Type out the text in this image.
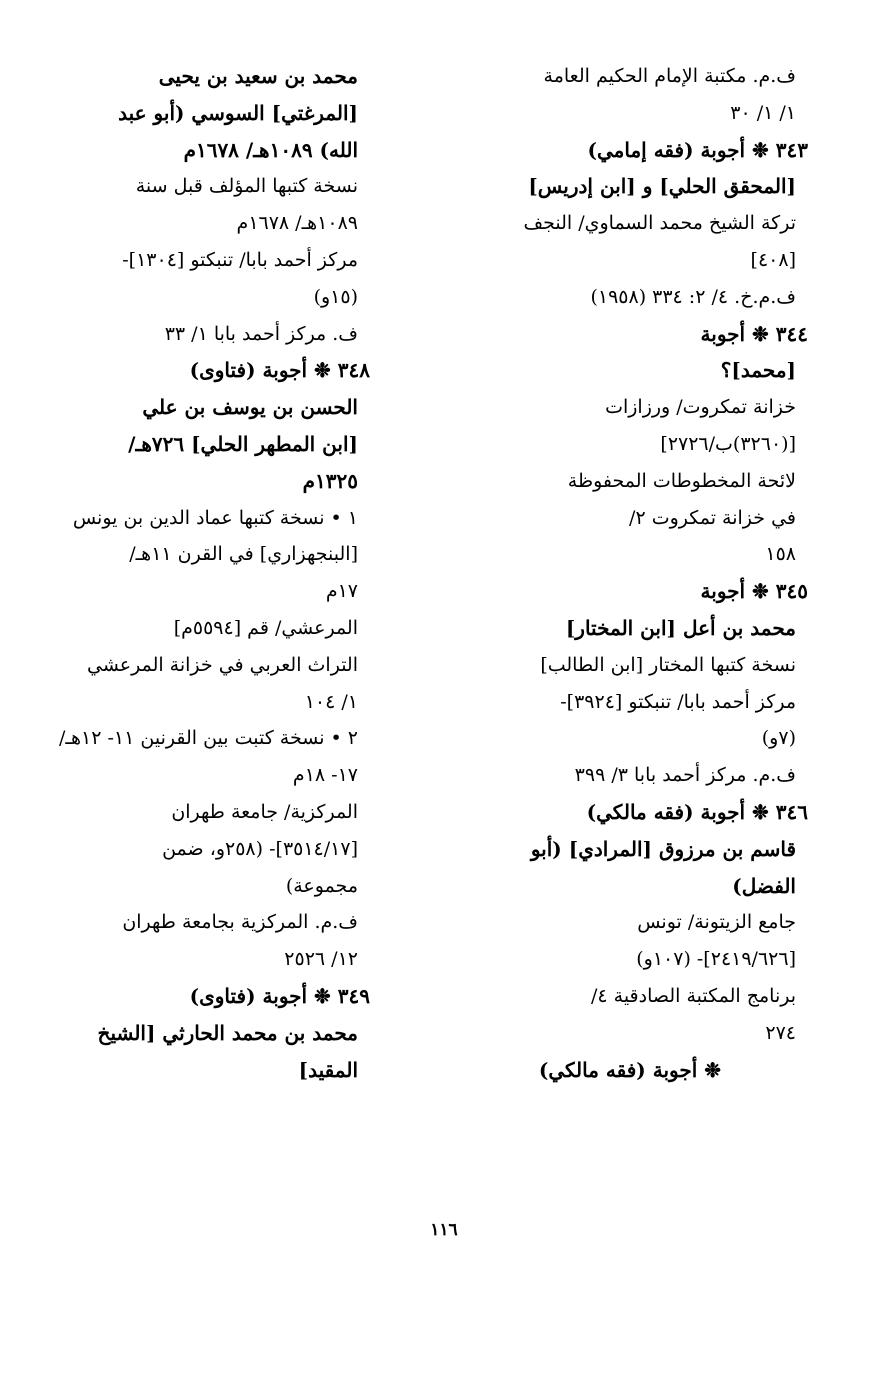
ف.م. مكتبة الإمام الحكيم العامة
١/ ١/ ٣٠
٣٤٣ ❉ أجوبة (فقه إمامي)
[المحقق الحلي] و [ابن إدريس]
تركة الشيخ محمد السماوي/ النجف
[٤٠٨]
ف.م.خ. ٤/ ٢: ٣٣٤ (١٩٥٨)
٣٤٤ ❉ أجوبة
[محمد]؟
خزانة تمكروت/ ورزازات
[(٣٢٦٠)ب/٢٧٢٦]
لائحة المخطوطات المحفوظة
في خزانة تمكروت ٢/
١٥٨
٣٤٥ ❉ أجوبة
محمد بن أعل [ابن المختار]
نسخة كتبها المختار [ابن الطالب]
مركز أحمد بابا/ تنبكتو [٣٩٢٤]-
(٧و)
ف.م. مركز أحمد بابا ٣/ ٣٩٩
٣٤٦ ❉ أجوبة (فقه مالكي)
قاسم بن مرزوق [المرادي] (أبو
الفضل)
جامع الزيتونة/ تونس
[٢٤١٩/٦٢٦]- (١٠٧و)
برنامج المكتبة الصادقية ٤/
٢٧٤
❉ أجوبة (فقه مالكي)
محمد بن سعيد بن يحيى
[المرغتي] السوسي (أبو عبد
الله) ١٠٨٩هـ/ ١٦٧٨م
نسخة كتبها المؤلف قبل سنة
١٠٨٩هـ/ ١٦٧٨م
مركز أحمد بابا/ تنبكتو [١٣٠٤]-
(١٥و)
ف. مركز أحمد بابا ١/ ٣٣
٣٤٨ ❉ أجوبة (فتاوى)
الحسن بن يوسف بن علي
[ابن المطهر الحلي] ٧٢٦هـ/
١٣٢٥م
١ • نسخة كتبها عماد الدين بن يونس
[البنجهزاري] في القرن ١١هـ/
١٧م
المرعشي/ قم [٥٥٩٤م]
التراث العربي في خزانة المرعشي
١/ ١٠٤
٢ • نسخة كتبت بين القرنين ١١- ١٢هـ/
١٧- ١٨م
المركزية/ جامعة طهران
[٣٥١٤/١٧]- (٢٥٨و، ضمن
مجموعة)
ف.م. المركزية بجامعة طهران
١٢/ ٢٥٢٦
٣٤٩ ❉ أجوبة (فتاوى)
محمد بن محمد الحارثي [الشيخ
المقيد]
١١٦
